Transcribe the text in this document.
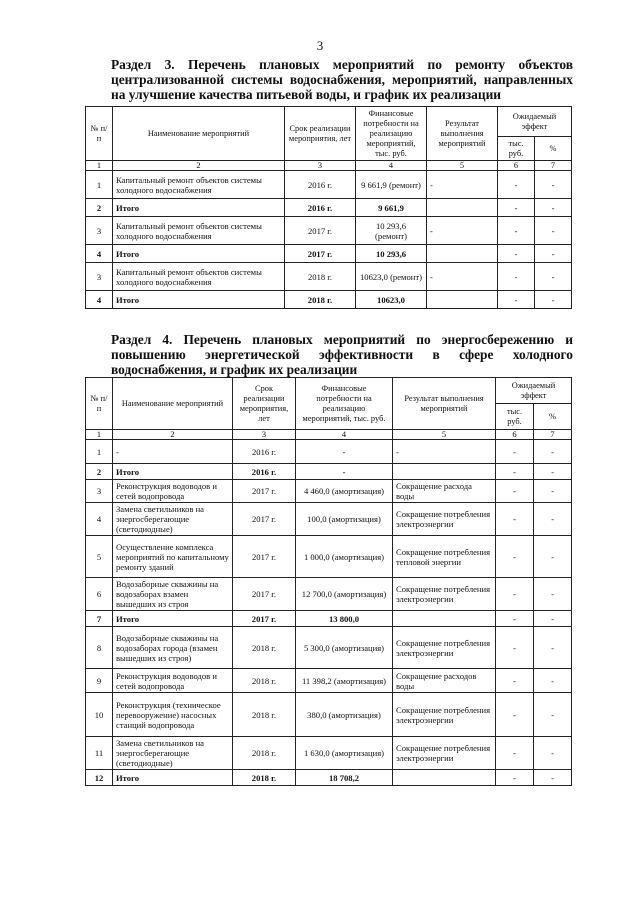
3
Раздел 3. Перечень плановых мероприятий по ремонту объектов централизованной системы водоснабжения, мероприятий, направленных на улучшение качества питьевой воды, и график их реализации
№ п/п	Наименование мероприятий	Срок реализации мероприятия, лет	Финансовые потребности на реализацию мероприятий, тыс. руб.	Результат выполнения мероприятий	Ожидаемый эффект	
					тыс. руб.	%
1	2	3	4	5	6	7
1	Капитальный ремонт объектов системы холодного водоснабжения	2016 г.	9 661,9 (ремонт)	-	-	-
2	Итого	2016 г.	9 661,9		-	-
3	Капитальный ремонт объектов системы холодного водоснабжения	2017 г.	10 293,6 (ремонт)	-	-	-
4	Итого	2017 г.	10 293,6		-	-
3	Капитальный ремонт объектов системы холодного водоснабжения	2018 г.	10623,0 (ремонт)	-	-	-
4	Итого	2018 г.	10623,0		-	-
Раздел 4. Перечень плановых мероприятий по энергосбережению и повышению энергетической эффективности в сфере холодного водоснабжения, и график их реализации
№ п/п	Наименование мероприятий	Срок реализации мероприятия, лет	Финансовые потребности на реализацию мероприятий, тыс. руб.	Результат выполнения мероприятий	Ожидаемый эффект	
					тыс. руб.	%
1	2	3	4	5	6	7
1	-	2016 г.	-	-	-	-
2	Итого	2016 г.	-		-	-
3	Реконструкция водоводов и сетей водопровода	2017 г.	4 460,0 (амортизация)	Сокращение расхода воды	-	-
4	Замена светильников на энергосберегающие (светодиодные)	2017 г.	100,0 (амортизация)	Сокращение потребления электроэнергии	-	-
5	Осуществление комплекса мероприятий по капитальному ремонту зданий	2017 г.	1 000,0 (амортизация)	Сокращение потребления тепловой энергии	-	-
6	Водозаборные скважины на водозаборах взамен вышедших из строя	2017 г.	12 700,0 (амортизация)	Сокращение потребления электроэнергии	-	-
7	Итого	2017 г.	13 800,0		-	-
8	Водозаборные скважины на водозаборах города (взамен вышедших из строя)	2018 г.	5 300,0 (амортизация)	Сокращение потребления электроэнергии	-	-
9	Реконструкция водоводов и сетей водопровода	2018 г.	11 398,2 (амортизация)	Сокращение расходов воды	-	-
10	Реконструкция (техническое перевооружение) насосных станций водопровода	2018 г.	380,0 (амортизация)	Сокращение потребления электроэнергии	-	-
11	Замена светильников на энергосберегающие (светодиодные)	2018 г.	1 630,0 (амортизация)	Сокращение потребления электроэнергии	-	-
12	Итого	2018 г.	18 708,2		-	-
